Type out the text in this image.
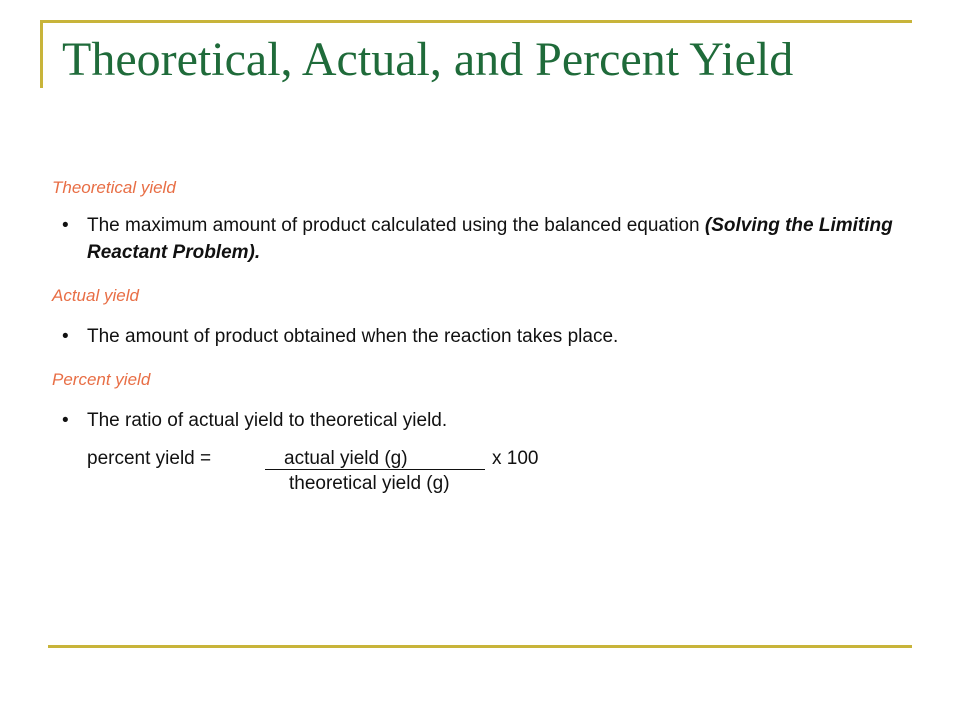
Theoretical, Actual, and Percent Yield

Theoretical yield

• The maximum amount of product calculated using the balanced equation (Solving the Limiting Reactant Problem).

Actual yield

• The amount of product obtained when the reaction takes place.

Percent yield

• The ratio of actual yield to theoretical yield.

percent yield =	actual yield (g)	x 100
theoretical yield (g)
